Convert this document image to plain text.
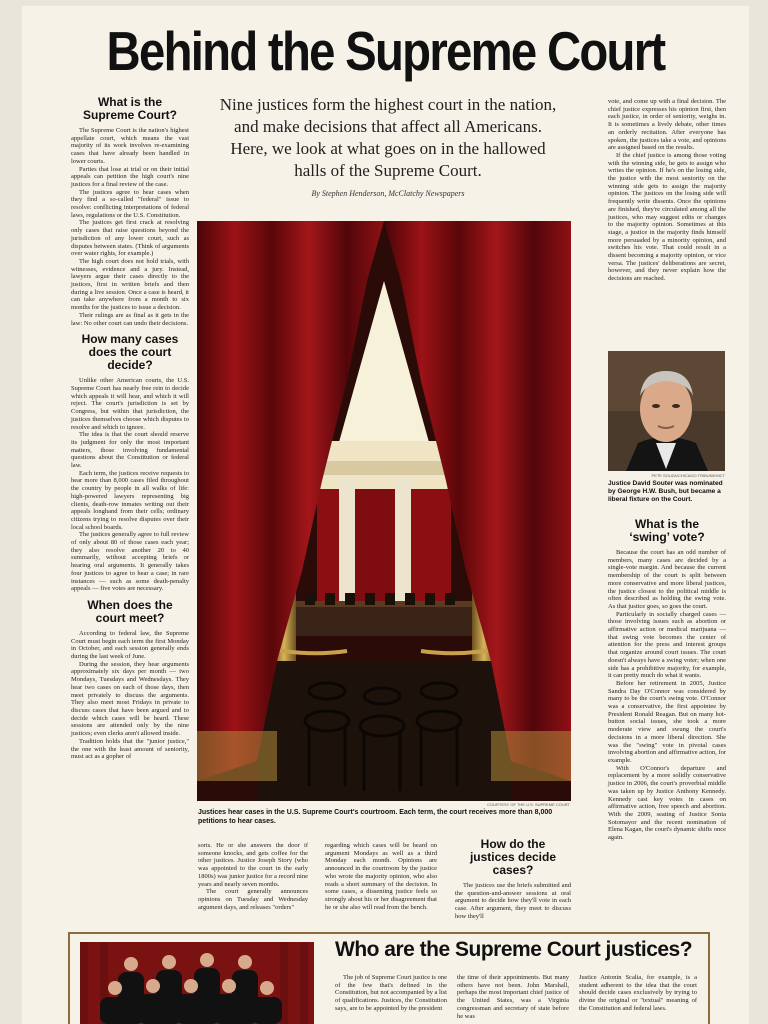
Behind the Supreme Court
What is the Supreme Court?

The Supreme Court is the nation's highest appellate court, which means the vast majority of its work involves re-examining cases that have already been handled in lower courts.

Parties that lose at trial or on their initial appeals can petition the high court's nine justices for a final review of the case.

The justices agree to hear cases when they find a so-called "federal" issue to resolve: conflicting interpretations of federal laws, regulations or the U.S. Constitution.

The justices get first crack at resolving only cases that raise questions beyond the jurisdiction of any lower court, such as disputes between states. (Think of arguments over water rights, for example.)

The high court does not hold trials, with witnesses, evidence and a jury. Instead, lawyers argue their cases directly to the justices, first in written briefs and then during a live session. Once a case is heard, it can take anywhere from a month to six months for the justices to issue a decision.

Their rulings are as final as it gets in the law: No other court can undo their decisions.

How many cases does the court decide?

Unlike other American courts, the U.S. Supreme Court has nearly free rein to decide which appeals it will hear, and which it will reject. The court's jurisdiction is set by Congress, but within that jurisdiction, the justices themselves choose which disputes to resolve and which to ignore.

The idea is that the court should reserve its judgment for only the most important matters, those involving fundamental questions about the Constitution or federal law.

Each term, the justices receive requests to hear more than 8,000 cases filed throughout the country by people in all walks of life: high-powered lawyers representing big clients, death-row inmates writing out their appeals longhand from their cells; ordinary citizens trying to resolve disputes over their local school boards.

The justices generally agree to full review of only about 80 of those cases each year; they also resolve another 20 to 40 summarily, without accepting briefs or hearing oral arguments. It generally takes four justices to agree to hear a case; in rare instances — such as some death-penalty appeals — five votes are necessary.

When does the court meet?

According to federal law, the Supreme Court must begin each term the first Monday in October, and each session generally ends during the last week of June.

During the session, they hear arguments approximately six days per month — two Mondays, Tuesdays and Wednesdays. They hear two cases on each of those days, then meet privately to discuss the arguments. They also meet most Fridays in private to discuss cases that have been argued and to decide which cases will be heard. These sessions are attended only by the nine justices; even clerks aren't allowed inside.

Tradition holds that the "junior justice," the one with the least amount of seniority, must act as a gopher of

Nine justices form the highest court in the nation, and make decisions that affect all Americans. Here, we look at what goes on in the hallowed halls of the Supreme Court.
By Stephen Henderson, McClatchy Newspapers
COURTESY OF THE U.S. SUPREME COURT
Justices hear cases in the U.S. Supreme Court's courtroom. Each term, the court receives more than 8,000 petitions to hear cases.

sorts. He or she answers the door if someone knocks, and gets coffee for the other justices. Justice Joseph Story (who was appointed to the court in the early 1800s) was junior justice for a record nine years and nearly seven months.

The court generally announces opinions on Tuesday and Wednesday argument days, and releases "orders"

regarding which cases will be heard on argument Mondays as well as a third Monday each month. Opinions are announced in the courtroom by the justice who wrote the majority opinion, who also reads a short summary of the decision. In some cases, a dissenting justice feels so strongly about his or her disagreement that he or she also will read from the bench.

How do the justices decide cases?

The justices use the briefs submitted and the question-and-answer sessions at oral argument to decide how they'll vote in each case. After argument, they meet to discuss how they'll

vote, and come up with a final decision. The chief justice expresses his opinion first, then each justice, in order of seniority, weighs in. It is sometimes a lively debate, other times an orderly recitation. After everyone has spoken, the justices take a vote, and opinions are assigned based on the results.

If the chief justice is among those voting with the winning side, he gets to assign who writes the opinion. If he's on the losing side, the justice with the most seniority on the winning side gets to assign the majority opinion. The justices on the losing side will frequently write dissents. Once the opinions are finished, they're circulated among all the justices, who may suggest edits or changes to the majority opinion. Sometimes at this stage, a justice in the majority finds himself more persuaded by a minority opinion, and switches his vote. That could result in a dissent becoming a majority opinion, or vice versa. The justices' deliberations are secret, however, and they never explain how the decisions are reached.

PETE SOUZA/CHICAGO TRIBUNE/MCT
Justice David Souter was nominated by George H.W. Bush, but became a liberal fixture on the Court.
What is the ‘swing’ vote?

Because the court has an odd number of members, many cases are decided by a single-vote margin. And because the current membership of the court is split between more conservative and more liberal justices, the justice closest to the political middle is often described as holding the swing vote. As that justice goes, so goes the court.

Particularly in socially charged cases — those involving issues such as abortion or affirmative action or medical marijuana — that swing vote becomes the center of attention for the press and interest groups that organize around court issues. The court doesn't always have a swing voter; when one side has a prohibitive majority, for example, it can pretty much do what it wants.

Before her retirement in 2005, Justice Sandra Day O'Connor was considered by many to be the court's swing vote. O'Connor was a conservative, the first appointee by President Ronald Reagan. But on many hot-button social issues, she took a more moderate view and swung the court's decisions in a more liberal direction. She was the "swing" vote in pivotal cases involving abortion and affirmative action, for example.

With O'Connor's departure and replacement by a more solidly conservative justice in 2006, the court's proverbial middle was taken up by Justice Anthony Kennedy. Kennedy cast key votes in cases on affirmative action, free speech and abortion. With the 2009, seating of Justice Sonia Sotomayor and the recent nomination of Elena Kagan, the court's dynamic shifts once again.

Who are the Supreme Court justices?

The job of Supreme Court justice is one of the few that's defined in the Constitution, but not accompanied by a list of qualifications. Justices, the Constitution says, are to be appointed by the president

the time of their appointments. But many others have not been. John Marshall, perhaps the most important chief justice of the United States, was a Virginia congressman and secretary of state before he was

Justice Antonin Scalia, for example, is a student adherent to the idea that the court should decide cases exclusively by trying to divine the original or "textual" meaning of the Constitution and federal laws.
